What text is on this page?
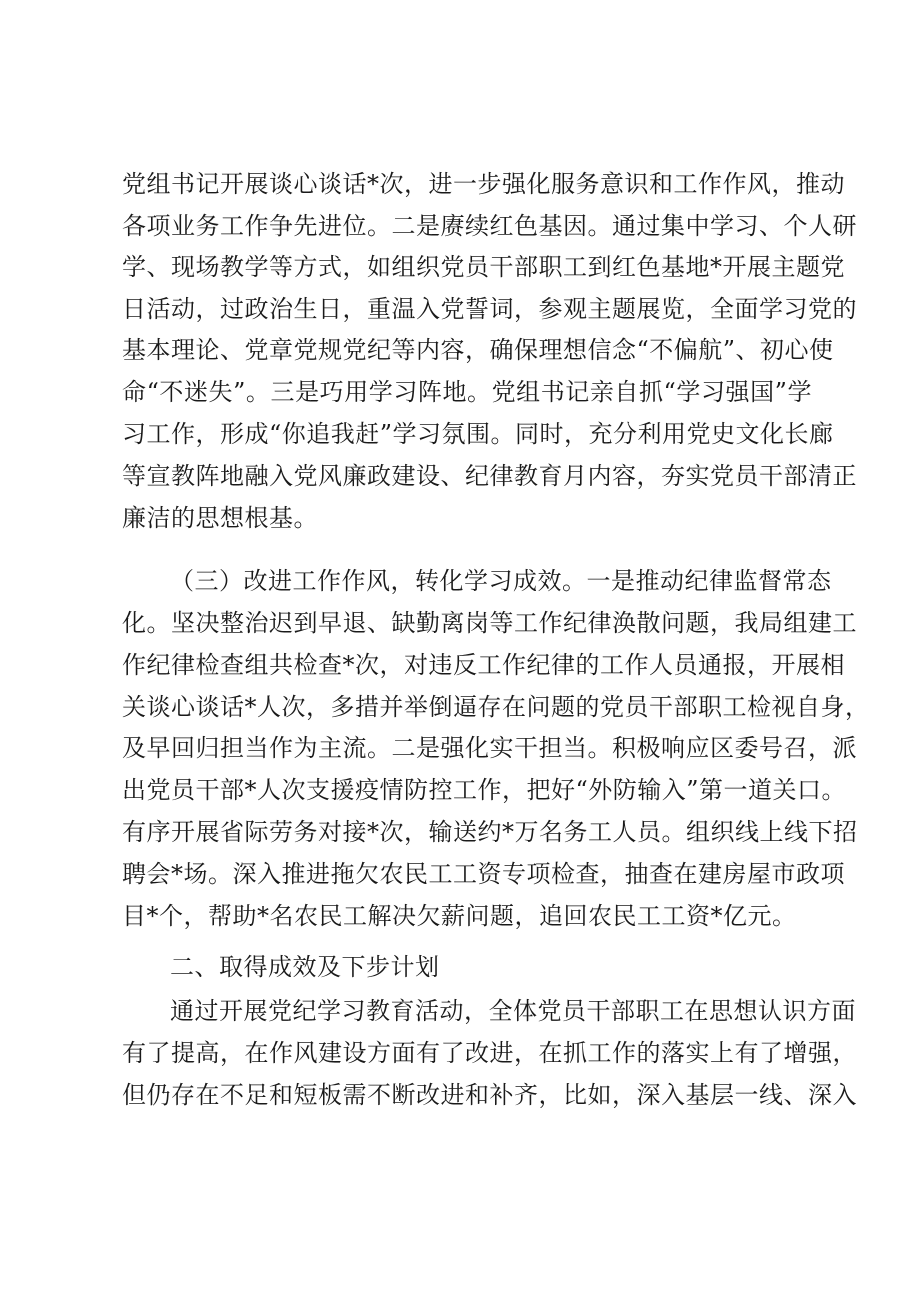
党组书记开展谈心谈话*次，进一步强化服务意识和工作作风，推动
各项业务工作争先进位。二是赓续红色基因。通过集中学习、个人研
学、现场教学等方式，如组织党员干部职工到红色基地*开展主题党
日活动，过政治生日，重温入党誓词，参观主题展览，全面学习党的
基本理论、党章党规党纪等内容，确保理想信念“不偏航”、初心使
命“不迷失”。三是巧用学习阵地。党组书记亲自抓“学习强国”学
习工作，形成“你追我赶”学习氛围。同时，充分利用党史文化长廊
等宣教阵地融入党风廉政建设、纪律教育月内容，夯实党员干部清正
廉洁的思想根基。
（三）改进工作作风，转化学习成效。一是推动纪律监督常态
化。坚决整治迟到早退、缺勤离岗等工作纪律涣散问题，我局组建工
作纪律检查组共检查*次，对违反工作纪律的工作人员通报，开展相
关谈心谈话*人次，多措并举倒逼存在问题的党员干部职工检视自身，
及早回归担当作为主流。二是强化实干担当。积极响应区委号召，派
出党员干部*人次支援疫情防控工作，把好“外防输入”第一道关口。
有序开展省际劳务对接*次，输送约*万名务工人员。组织线上线下招
聘会*场。深入推进拖欠农民工工资专项检查，抽查在建房屋市政项
目*个，帮助*名农民工解决欠薪问题，追回农民工工资*亿元。
二、取得成效及下步计划
通过开展党纪学习教育活动，全体党员干部职工在思想认识方面
有了提高，在作风建设方面有了改进，在抓工作的落实上有了增强，
但仍存在不足和短板需不断改进和补齐，比如，深入基层一线、深入
